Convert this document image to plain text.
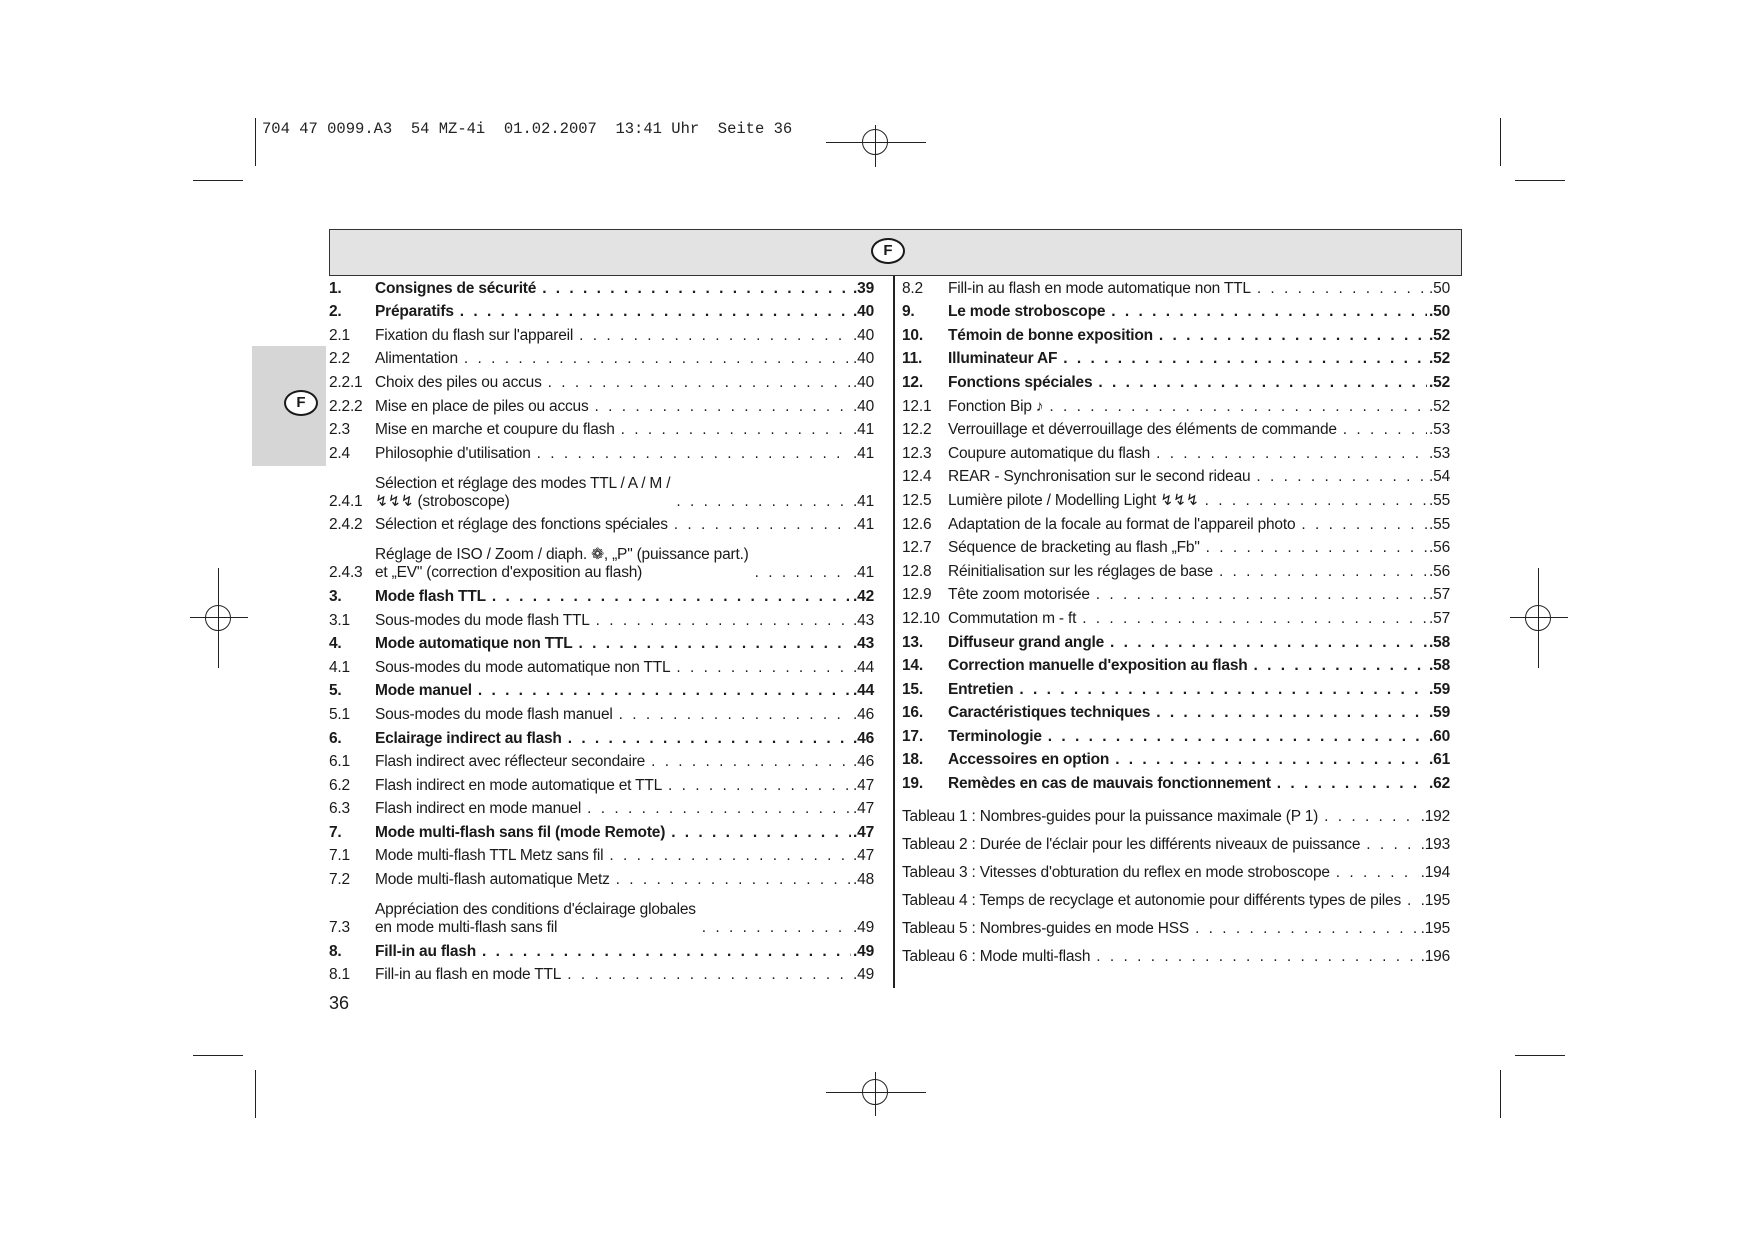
704 47 0099.A3  54 MZ-4i  01.02.2007  13:41 Uhr  Seite 36
F
F
1.	Consignes de sécurité . . .	.39
2.	Préparatifs . . .	.40
2.1	Fixation du flash sur l'appareil . . .	.40
2.2	Alimentation . . .	.40
2.2.1 Choix des piles ou accus . . .	.40
2.2.2 Mise en place de piles ou accus . . .	.40
2.3	Mise en marche et coupure du flash . . .	.41
2.4	Philosophie d'utilisation . . .	.41
2.4.1
Sélection et réglage des modes TTL / A / M /
↯↯↯ (stroboscope) . . .	.41
2.4.2 Sélection et réglage des fonctions spéciales . . .	.41
2.4.3
Réglage de ISO / Zoom / diaph. ❁, „P" (puissance part.)
et „EV" (correction d'exposition au flash) . . .	.41
3.	Mode flash TTL . . .	.42
3.1	Sous-modes du mode flash TTL . . .	.43
4.	Mode automatique non TTL . . .	.43
4.1	Sous-modes du mode automatique non TTL . . .	.44
5.	Mode manuel . . .	.44
5.1	Sous-modes du mode flash manuel . . .	.46
6.	Eclairage indirect au flash . . .	.46
6.1	Flash indirect avec réflecteur secondaire . . .	.46
6.2	Flash indirect en mode automatique et TTL . . .	.47
6.3	Flash indirect en mode manuel . . .	.47
7.	Mode multi-flash sans fil (mode Remote) . . .	.47
7.1	Mode multi-flash TTL Metz sans fil . . .	.47
7.2	Mode multi-flash automatique Metz . . .	.48
7.3
Appréciation des conditions d'éclairage globales
en mode multi-flash sans fil . . .	.49
8.	Fill-in au flash . . .	.49
8.1	Fill-in au flash en mode TTL . . .	.49
8.2	Fill-in au flash en mode automatique non TTL . . .	.50
9.	Le mode stroboscope . . .	.50
10.	Témoin de bonne exposition . . .	.52
11.	Illuminateur AF . . .	.52
12.	Fonctions spéciales . . .	.52
12.1	Fonction Bip ♪ . . .	.52
12.2	Verrouillage et déverrouillage des éléments de commande . . .	.53
12.3	Coupure automatique du flash . . .	.53
12.4	REAR - Synchronisation sur le second rideau . . .	.54
12.5	Lumière pilote / Modelling Light ↯↯↯ . . .	.55
12.6	Adaptation de la focale au format de l'appareil photo . . .	.55
12.7	Séquence de bracketing au flash „Fb" . . .	.56
12.8	Réinitialisation sur les réglages de base . . .	.56
12.9	Tête zoom motorisée . . .	.57
12.10 Commutation m - ft . . .	.57
13.	Diffuseur grand angle . . .	.58
14.	Correction manuelle d'exposition au flash . . .	.58
15.	Entretien . . .	.59
16.	Caractéristiques techniques . . .	.59
17.	Terminologie . . .	.60
18.	Accessoires en option . . .	.61
19.	Remèdes en cas de mauvais fonctionnement . . .	.62
Tableau 1 : Nombres-guides pour la puissance maximale (P 1) . . .	.192
Tableau 2 : Durée de l'éclair pour les différents niveaux de puissance . . .	.193
Tableau 3 : Vitesses d'obturation du reflex en mode stroboscope . . .	.194
Tableau 4 : Temps de recyclage et autonomie pour différents types de piles . . . .195
Tableau 5 : Nombres-guides en mode HSS . . .	.195
Tableau 6 : Mode multi-flash . . .	.196
36
